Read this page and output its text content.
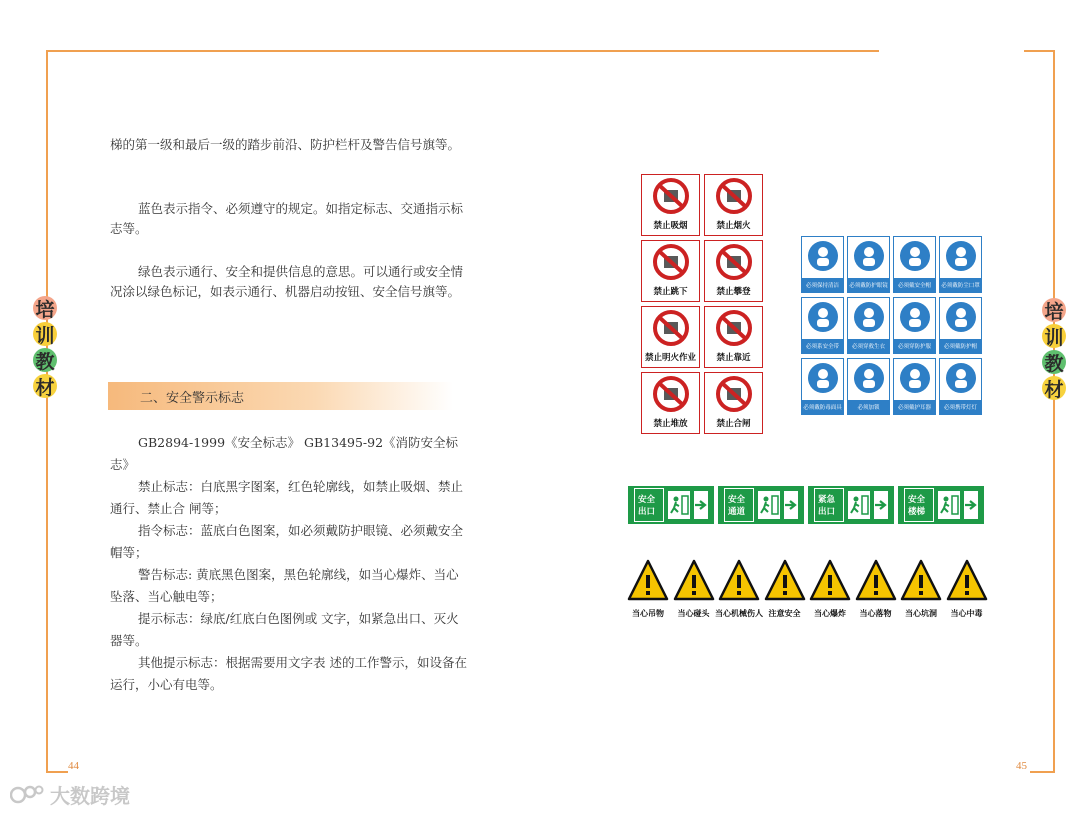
44	45
培
训
教
材
培
训
教
材
梯的第一级和最后一级的踏步前沿、防护栏杆及警告信号旗等。
蓝色表示指令、必须遵守的规定。如指定标志、交通指示标志等。
绿色表示通行、安全和提供信息的意思。可以通行或安全情况涂以绿色标记，如表示通行、机器启动按钮、安全信号旗等。
二、安全警示标志

GB2894-1999《安全标志》 GB13495-92《消防安全标志》

禁止标志：白底黑字图案，红色轮廓线，如禁止吸烟、禁止通行、禁止合 闸等；

指令标志：蓝底白色图案，如必须戴防护眼镜、必须戴安全帽等；

警告标志: 黄底黑色图案，黑色轮廓线，如当心爆炸、当心坠落、当心触电等；

提示标志：绿底/红底白色图例或 文字，如紧急出口、灭火器等。

其他提示标志：根据需要用文字表 述的工作警示，如设备在运行，小心有电等。

禁止吸烟	禁止烟火
禁止跳下	禁止攀登
禁止明火作业 禁止靠近
禁止堆放	禁止合闸
必须保持清洁	必须戴防护眼镜	必须戴安全帽	必须戴防尘口罩
必须系安全带	必须穿救生衣	必须穿防护服	必须戴防护帽
必须戴防毒面具	必须加锁	必须戴护耳器	必须携带灯灯
安全出口
安全通道
紧急出口
安全楼梯
当心吊物 当心碰头 当心机械伤人 注意安全 当心爆炸 当心落物 当心坑洞 当心中毒
大数跨境
